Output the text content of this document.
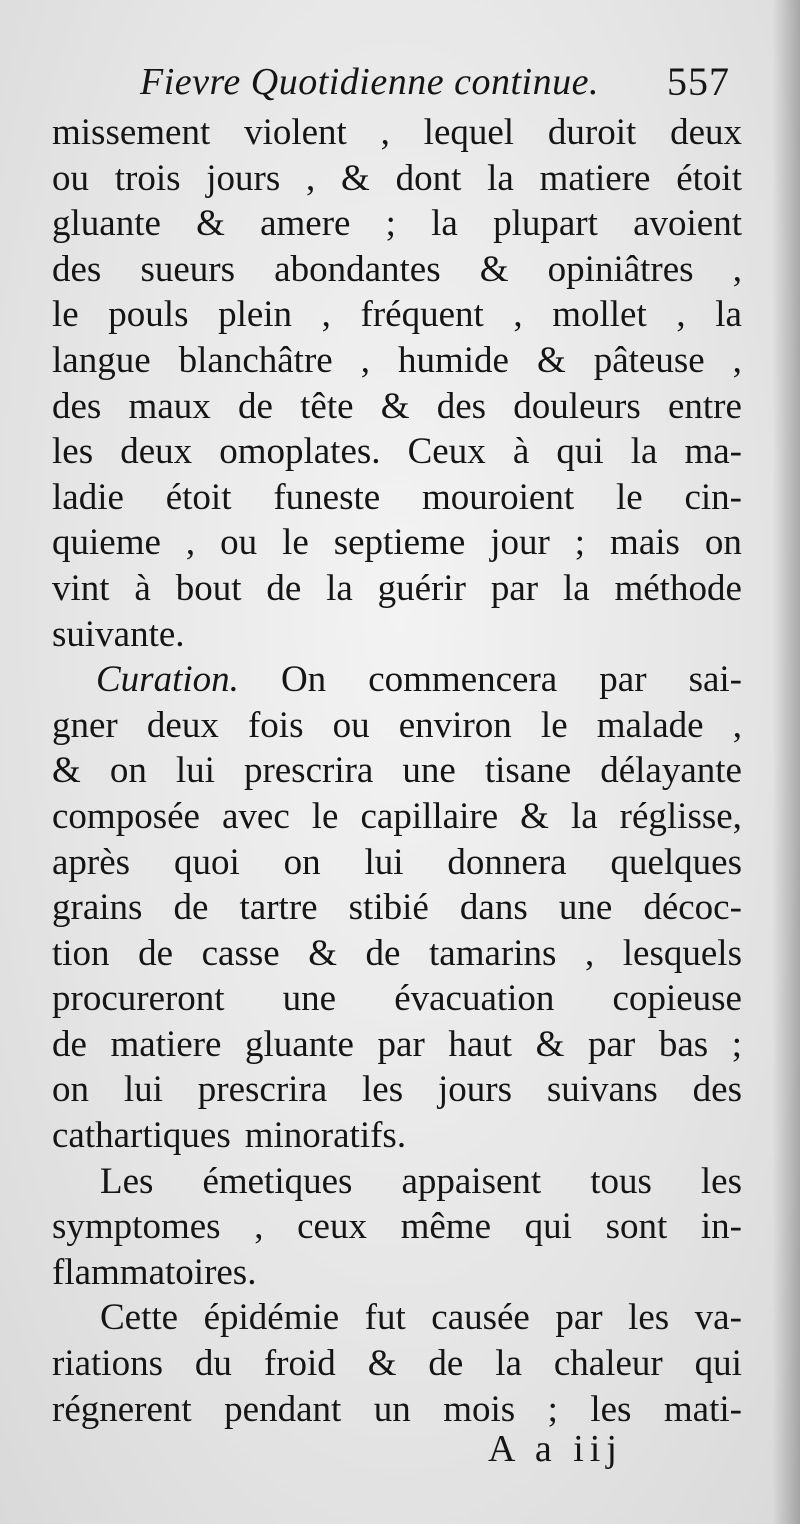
Fievre Quotidienne continue. 557
missement violent , lequel duroit deux
ou trois jours , & dont la matiere étoit
gluante & amere ; la plupart avoient
des sueurs abondantes & opiniâtres ,
le pouls plein , fréquent , mollet , la
langue blanchâtre , humide & pâteuse ,
des maux de tête & des douleurs entre
les deux omoplates. Ceux à qui la ma-
ladie étoit funeste mouroient le cin-
quieme , ou le septieme jour ; mais on
vint à bout de la guérir par la méthode
suivante.
Curation. On commencera par sai-
gner deux fois ou environ le malade ,
& on lui prescrira une tisane délayante
composée avec le capillaire & la réglisse,
après quoi on lui donnera quelques
grains de tartre stibié dans une décoc-
tion de casse & de tamarins , lesquels
procureront une évacuation copieuse
de matiere gluante par haut & par bas ;
on lui prescrira les jours suivans des
cathartiques minoratifs.
Les émetiques appaisent tous les
symptomes , ceux même qui sont in-
flammatoires.
Cette épidémie fut causée par les va-
riations du froid & de la chaleur qui
régnerent pendant un mois ; les mati-
A a iij
